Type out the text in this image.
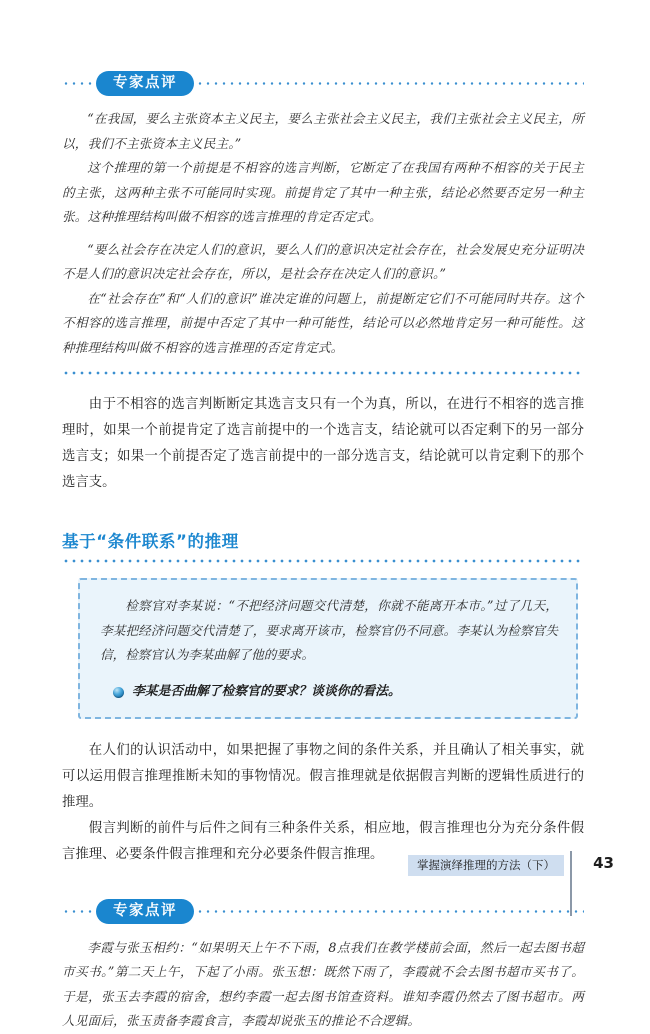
专家点评

“在我国，要么主张资本主义民主，要么主张社会主义民主，我们主张社会主义民主，所以，我们不主张资本主义民主。”

这个推理的第一个前提是不相容的选言判断，它断定了在我国有两种不相容的关于民主的主张，这两种主张不可能同时实现。前提肯定了其中一种主张，结论必然要否定另一种主张。这种推理结构叫做不相容的选言推理的肯定否定式。

“要么社会存在决定人们的意识，要么人们的意识决定社会存在，社会发展史充分证明决不是人们的意识决定社会存在，所以，是社会存在决定人们的意识。”

在“社会存在”和“人们的意识”谁决定谁的问题上，前提断定它们不可能同时共存。这个不相容的选言推理，前提中否定了其中一种可能性，结论可以必然地肯定另一种可能性。这种推理结构叫做不相容的选言推理的否定肯定式。

由于不相容的选言判断断定其选言支只有一个为真，所以，在进行不相容的选言推理时，如果一个前提肯定了选言前提中的一个选言支，结论就可以否定剩下的另一部分选言支；如果一个前提否定了选言前提中的一部分选言支，结论就可以肯定剩下的那个选言支。

基于“条件联系”的推理

检察官对李某说：“不把经济问题交代清楚，你就不能离开本市。”过了几天，李某把经济问题交代清楚了，要求离开该市，检察官仍不同意。李某认为检察官失信，检察官认为李某曲解了他的要求。

李某是否曲解了检察官的要求？谈谈你的看法。

在人们的认识活动中，如果把握了事物之间的条件关系，并且确认了相关事实，就可以运用假言推理推断未知的事物情况。假言推理就是依据假言判断的逻辑性质进行的推理。

假言判断的前件与后件之间有三种条件关系，相应地，假言推理也分为充分条件假言推理、必要条件假言推理和充分必要条件假言推理。

专家点评

李霞与张玉相约：“如果明天上午不下雨，8点我们在教学楼前会面，然后一起去图书超市买书。”第二天上午，下起了小雨。张玉想：既然下雨了，李霞就不会去图书超市买书了。于是，张玉去李霞的宿舍，想约李霞一起去图书馆查资料。谁知李霞仍然去了图书超市。两人见面后，张玉责备李霞食言，李霞却说张玉的推论不合逻辑。

掌握演绎推理的方法（下）	43
